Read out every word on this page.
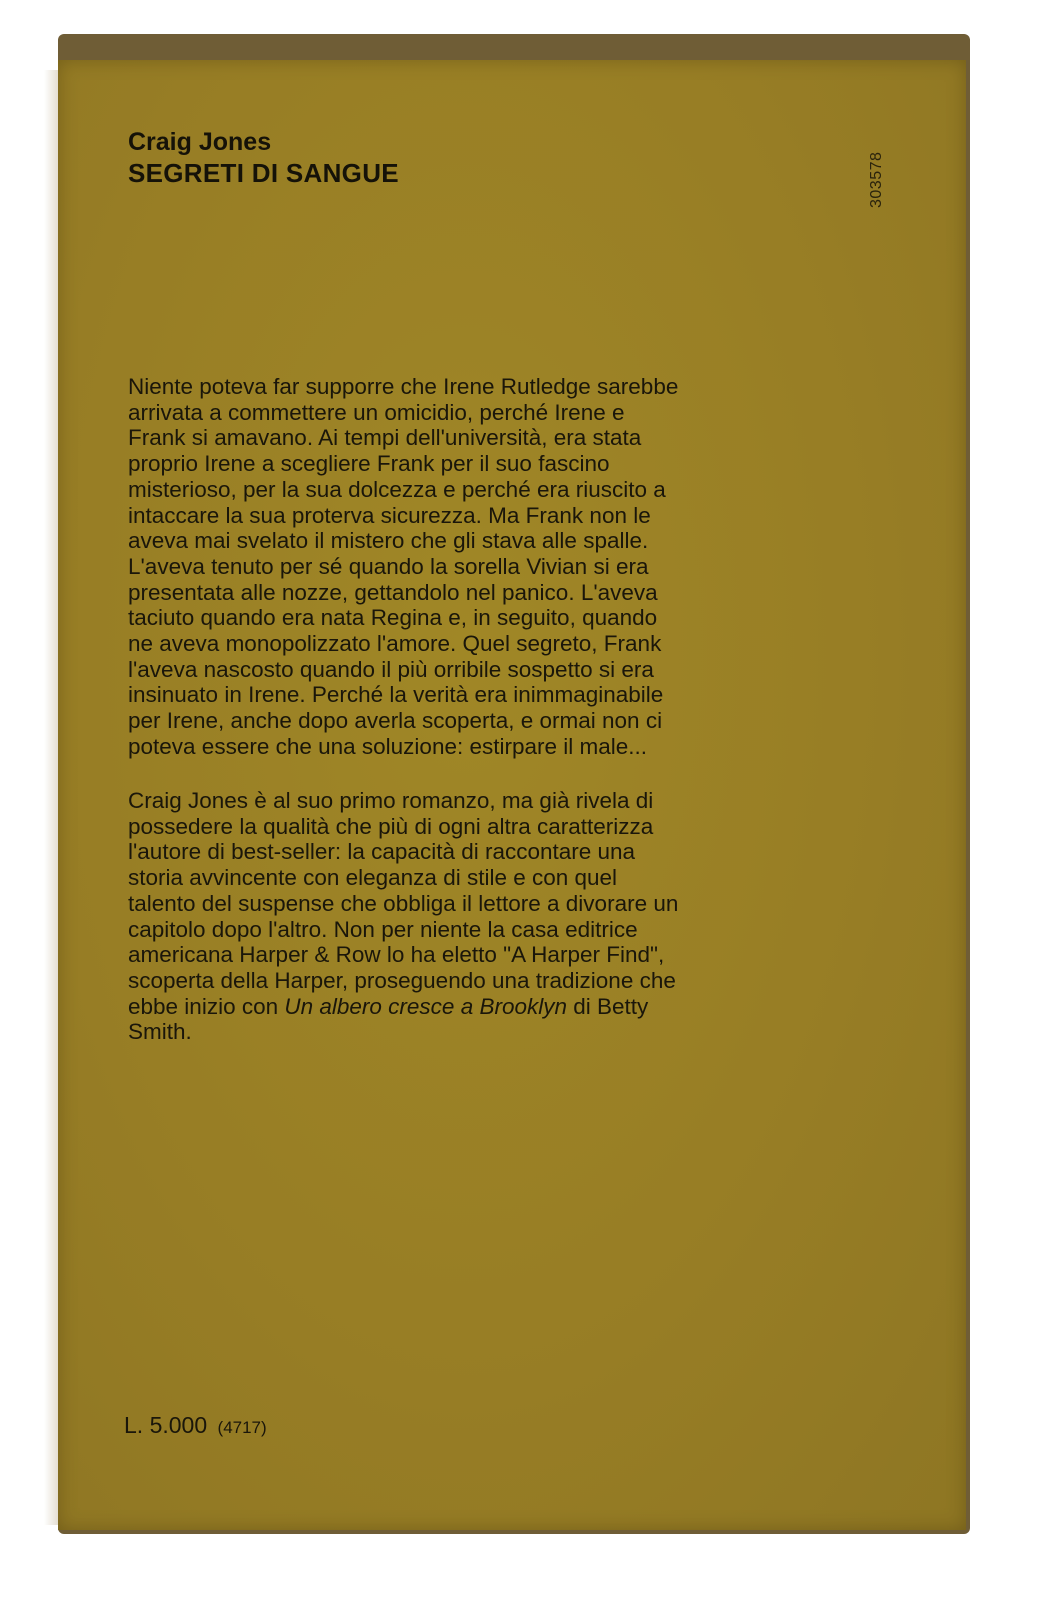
Craig Jones
SEGRETI DI SANGUE	303578
Niente poteva far supporre che Irene Rutledge sarebbe
arrivata a commettere un omicidio, perché Irene e
Frank si amavano. Ai tempi dell'università, era stata
proprio Irene a scegliere Frank per il suo fascino
misterioso, per la sua dolcezza e perché era riuscito a
intaccare la sua proterva sicurezza. Ma Frank non le
aveva mai svelato il mistero che gli stava alle spalle.
L'aveva tenuto per sé quando la sorella Vivian si era
presentata alle nozze, gettandolo nel panico. L'aveva
taciuto quando era nata Regina e, in seguito, quando
ne aveva monopolizzato l'amore. Quel segreto, Frank
l'aveva nascosto quando il più orribile sospetto si era
insinuato in Irene. Perché la verità era inimmaginabile
per Irene, anche dopo averla scoperta, e ormai non ci
poteva essere che una soluzione: estirpare il male...
Craig Jones è al suo primo romanzo, ma già rivela di
possedere la qualità che più di ogni altra caratterizza
l'autore di best-seller: la capacità di raccontare una
storia avvincente con eleganza di stile e con quel
talento del suspense che obbliga il lettore a divorare un
capitolo dopo l'altro. Non per niente la casa editrice
americana Harper & Row lo ha eletto "A Harper Find",
scoperta della Harper, proseguendo una tradizione che
ebbe inizio con Un albero cresce a Brooklyn di Betty
Smith.
L. 5.000 (4717)
